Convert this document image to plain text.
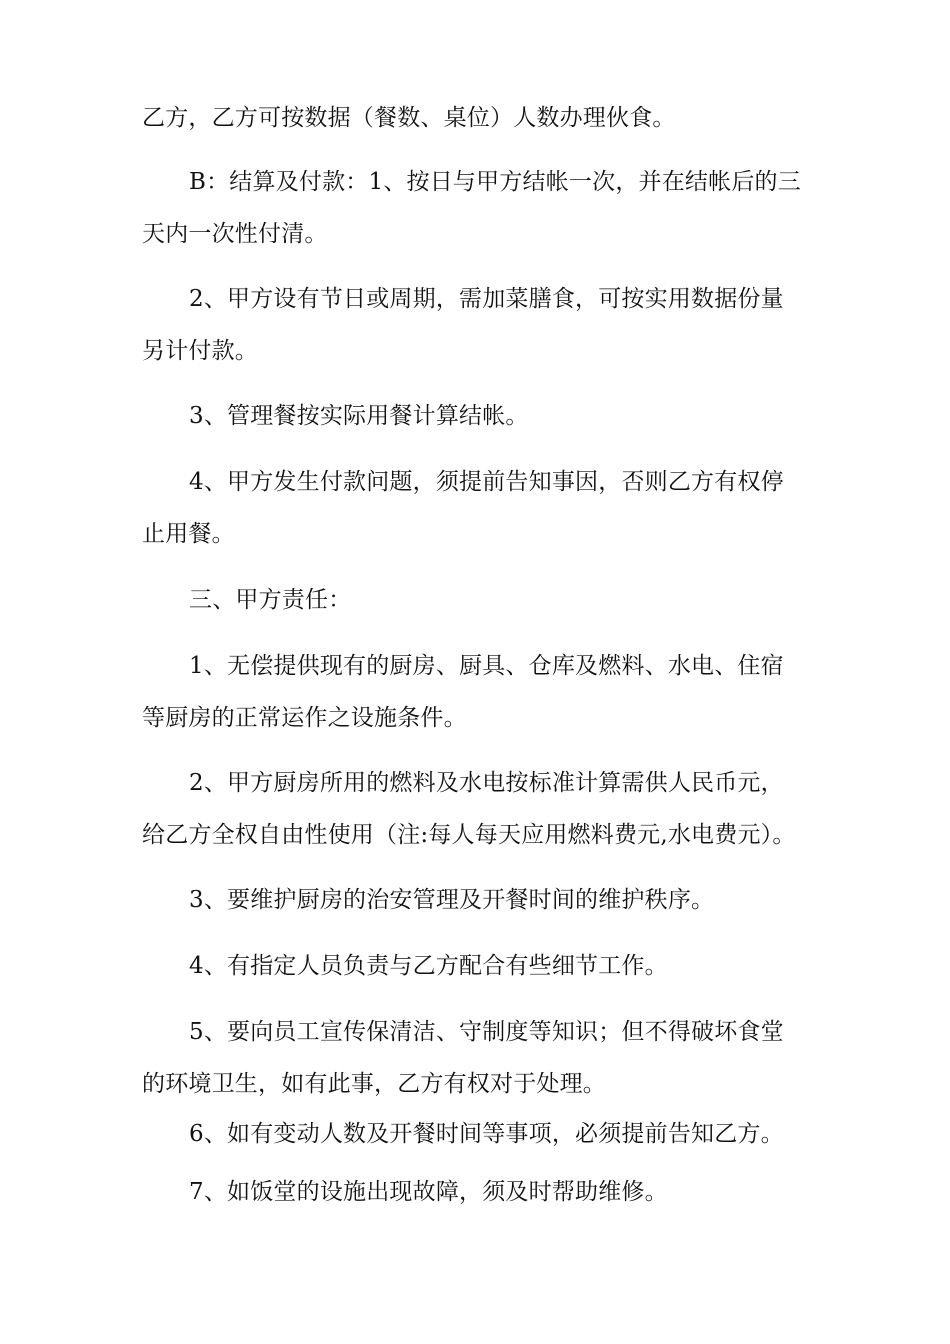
乙方，乙方可按数据（餐数、桌位）人数办理伙食。
B：结算及付款：1、按日与甲方结帐一次，并在结帐后的三
天内一次性付清。
2、甲方设有节日或周期，需加菜膳食，可按实用数据份量
另计付款。
3、管理餐按实际用餐计算结帐。
4、甲方发生付款问题，须提前告知事因，否则乙方有权停
止用餐。
三、甲方责任：
1、无偿提供现有的厨房、厨具、仓库及燃料、水电、住宿
等厨房的正常运作之设施条件。
2、甲方厨房所用的燃料及水电按标准计算需供人民币元，
给乙方全权自由性使用（注:每人每天应用燃料费元,水电费元）。
3、要维护厨房的治安管理及开餐时间的维护秩序。
4、有指定人员负责与乙方配合有些细节工作。
5、要向员工宣传保清洁、守制度等知识；但不得破坏食堂
的环境卫生，如有此事，乙方有权对于处理。
6、如有变动人数及开餐时间等事项，必须提前告知乙方。
7、如饭堂的设施出现故障，须及时帮助维修。
